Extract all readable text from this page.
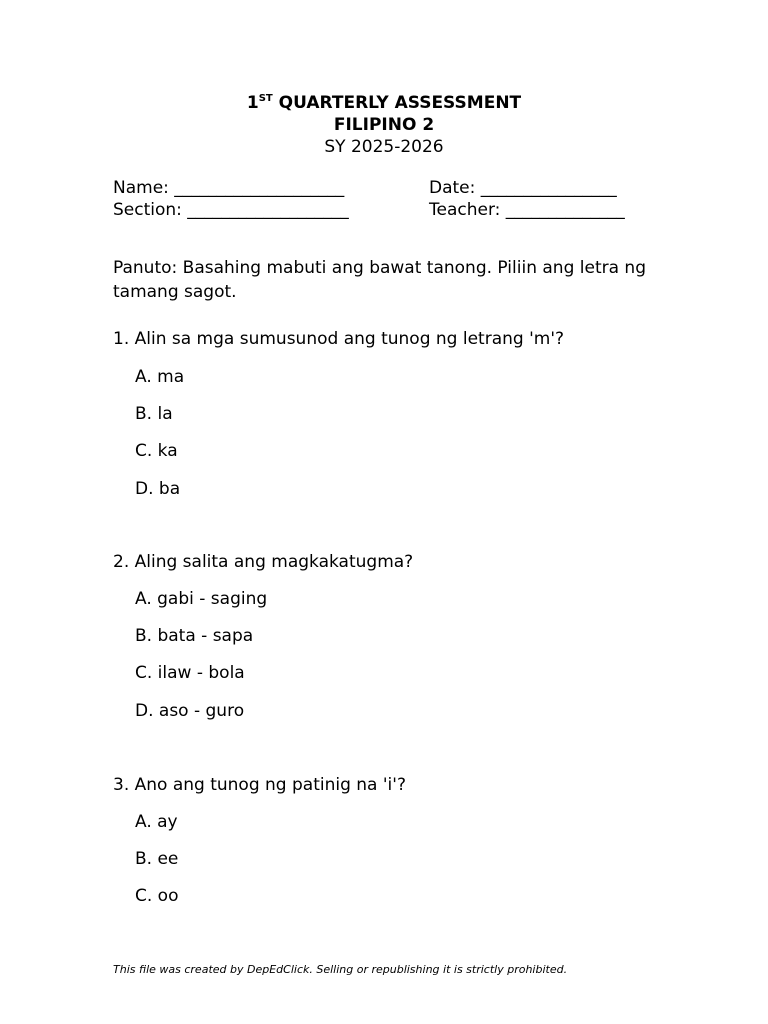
1ST QUARTERLY ASSESSMENT
FILIPINO 2
SY 2025-2026
Name: ____________________	Date: ________________
Section: ___________________	Teacher: ______________
Panuto: Basahing mabuti ang bawat tanong. Piliin ang letra ng tamang sagot.
1. Alin sa mga sumusunod ang tunog ng letrang 'm'?
A. ma
B. la
C. ka
D. ba
2. Aling salita ang magkakatugma?
A. gabi - saging
B. bata - sapa
C. ilaw - bola
D. aso - guro
3. Ano ang tunog ng patinig na 'i'?
A. ay
B. ee
C. oo
This file was created by DepEdClick. Selling or republishing it is strictly prohibited.
